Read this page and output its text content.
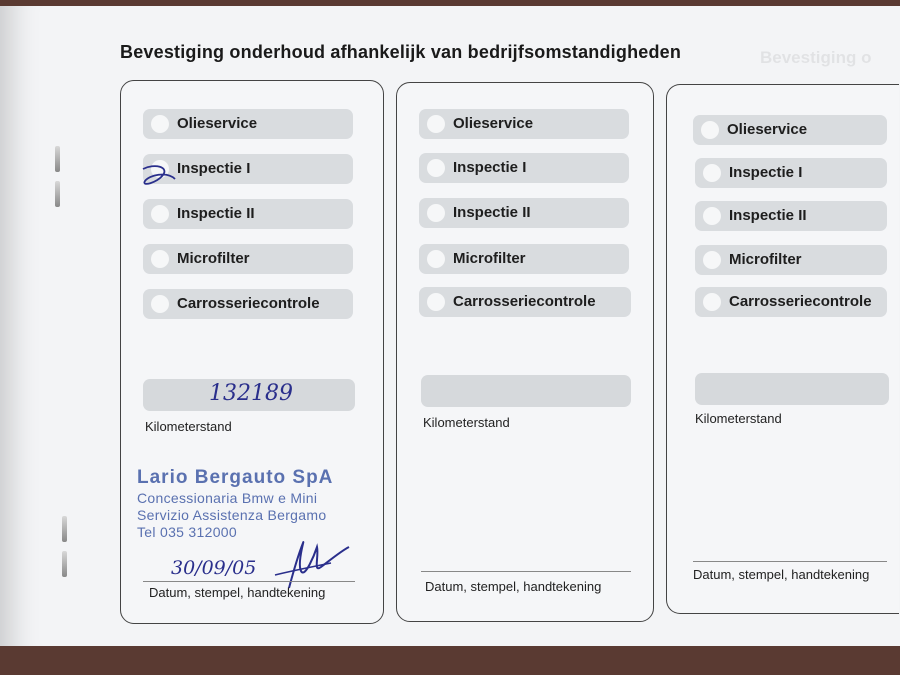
Bevestiging onderhoud afhankelijk van bedrijfsomstandigheden	Bevestiging o
Olieservice
Inspectie I
Inspectie II
Microfilter
Carrosseriecontrole
132189
Kilometerstand
Lario Bergauto SpA
Concessionaria Bmw e Mini
Servizio Assistenza Bergamo
Tel 035 312000
30/09/05
Datum, stempel, handtekening
Olieservice
Inspectie I
Inspectie II
Microfilter
Carrosseriecontrole
Kilometerstand
Datum, stempel, handtekening
Olieservice
Inspectie I
Inspectie II
Microfilter
Carrosseriecontrole
Kilometerstand
Datum, stempel, handtekening
